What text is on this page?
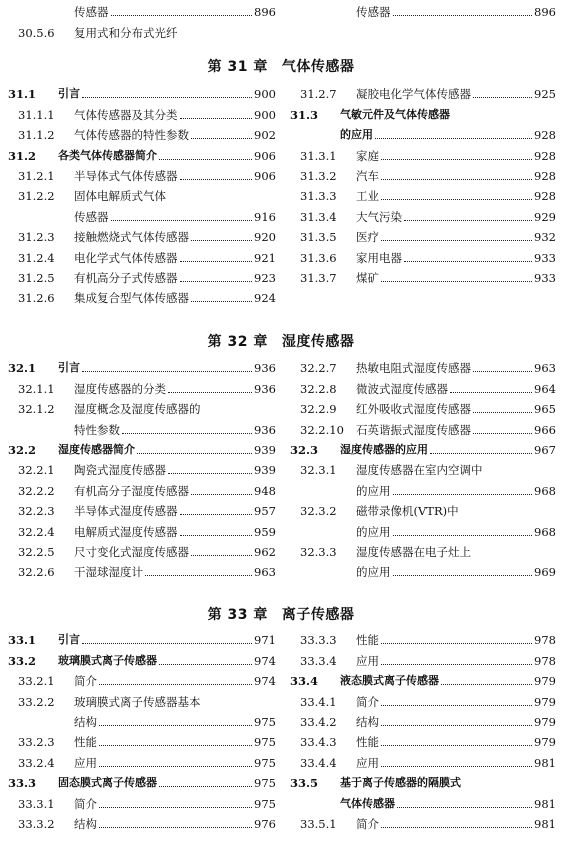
传感器	896
30.5.6	复用式和分布式光纤
传感器	896
第 31 章 气体传感器
31.1	引言	900
31.1.1	气体传感器及其分类	900
31.1.2	气体传感器的特性参数	902
31.2	各类气体传感器简介	906
31.2.1	半导体式气体传感器	906
31.2.2	固体电解质式气体
传感器	916
31.2.3	接触燃烧式气体传感器	920
31.2.4	电化学式气体传感器	921
31.2.5	有机高分子式传感器	923
31.2.6	集成复合型气体传感器	924
31.2.7	凝胶电化学气体传感器	925
31.3	气敏元件及气体传感器
的应用	928
31.3.1	家庭	928
31.3.2	汽车	928
31.3.3	工业	928
31.3.4	大气污染	929
31.3.5	医疗	932
31.3.6	家用电器	933
31.3.7	煤矿	933
第 32 章 湿度传感器
32.1	引言	936
32.1.1	湿度传感器的分类	936
32.1.2	湿度概念及湿度传感器的
特性参数	936
32.2	湿度传感器简介	939
32.2.1	陶瓷式湿度传感器	939
32.2.2	有机高分子湿度传感器	948
32.2.3	半导体式湿度传感器	957
32.2.4	电解质式湿度传感器	959
32.2.5	尺寸变化式湿度传感器	962
32.2.6	干湿球湿度计	963
32.2.7	热敏电阻式湿度传感器	963
32.2.8	微波式湿度传感器	964
32.2.9	红外吸收式湿度传感器	965
32.2.10	石英谐振式湿度传感器	966
32.3	湿度传感器的应用	967
32.3.1	湿度传感器在室内空调中
的应用	968
32.3.2	磁带录像机(VTR)中
的应用	968
32.3.3	湿度传感器在电子灶上
的应用	969
第 33 章 离子传感器
33.1	引言	971
33.2	玻璃膜式离子传感器	974
33.2.1	简介	974
33.2.2	玻璃膜式离子传感器基本
结构	975
33.2.3	性能	975
33.2.4	应用	975
33.3	固态膜式离子传感器	975
33.3.1	简介	975
33.3.2	结构	976
33.3.3	性能	978
33.3.4	应用	978
33.4	液态膜式离子传感器	979
33.4.1	简介	979
33.4.2	结构	979
33.4.3	性能	979
33.4.4	应用	981
33.5	基于离子传感器的隔膜式
气体传感器	981
33.5.1	简介	981
